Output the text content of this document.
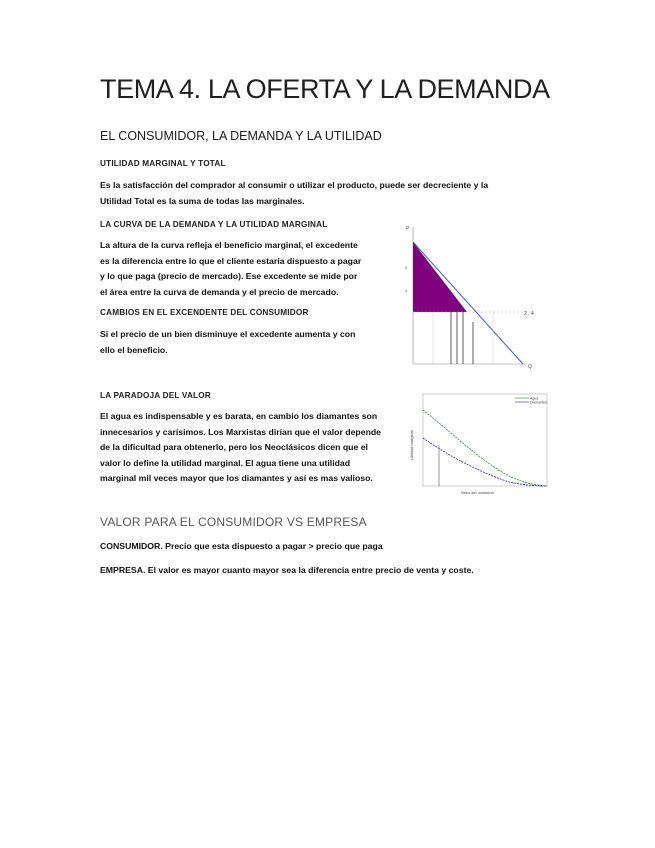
TEMA 4. LA OFERTA Y LA DEMANDA
EL CONSUMIDOR, LA DEMANDA Y LA UTILIDAD
UTILIDAD MARGINAL Y TOTAL
Es la satisfacción del comprador al consumir o utilizar el producto, puede ser decreciente y la
Utilidad Total es la suma de todas las marginales.
LA CURVA DE LA DEMANDA Y LA UTILIDAD MARGINAL
La altura de la curva refleja el beneficio marginal, el excedente
es la diferencia entre lo que el cliente estaría dispuesto a pagar
y lo que paga (precio de mercado). Ese excedente se mide por
el área entre la curva de demanda y el precio de mercado.
CAMBIOS EN EL EXCENDENTE DEL CONSUMIDOR
Si el precio de un bien disminuye el excedente aumenta y con
ello el beneficio.
LA PARADOJA DEL VALOR
El agua es indispensable y es barata, en cambio los diamantes son
innecesarios y carísimos. Los Marxistas dirían que el valor depende
de la dificultad para obtenerlo, pero los Neoclásicos dicen que el
valor lo define la utilidad marginal. El agua tiene una utilidad
marginal mil veces mayor que los diamantes y así es mas valioso.
VALOR PARA EL CONSUMIDOR VS EMPRESA
CONSUMIDOR. Precio que esta dispuesto a pagar > precio que paga
EMPRESA. El valor es mayor cuanto mayor sea la diferencia entre precio de venta y coste.
P
Q
2 . 4
6
4
Utilidad marginal
Valor del consumo
Agua
Diamantes
